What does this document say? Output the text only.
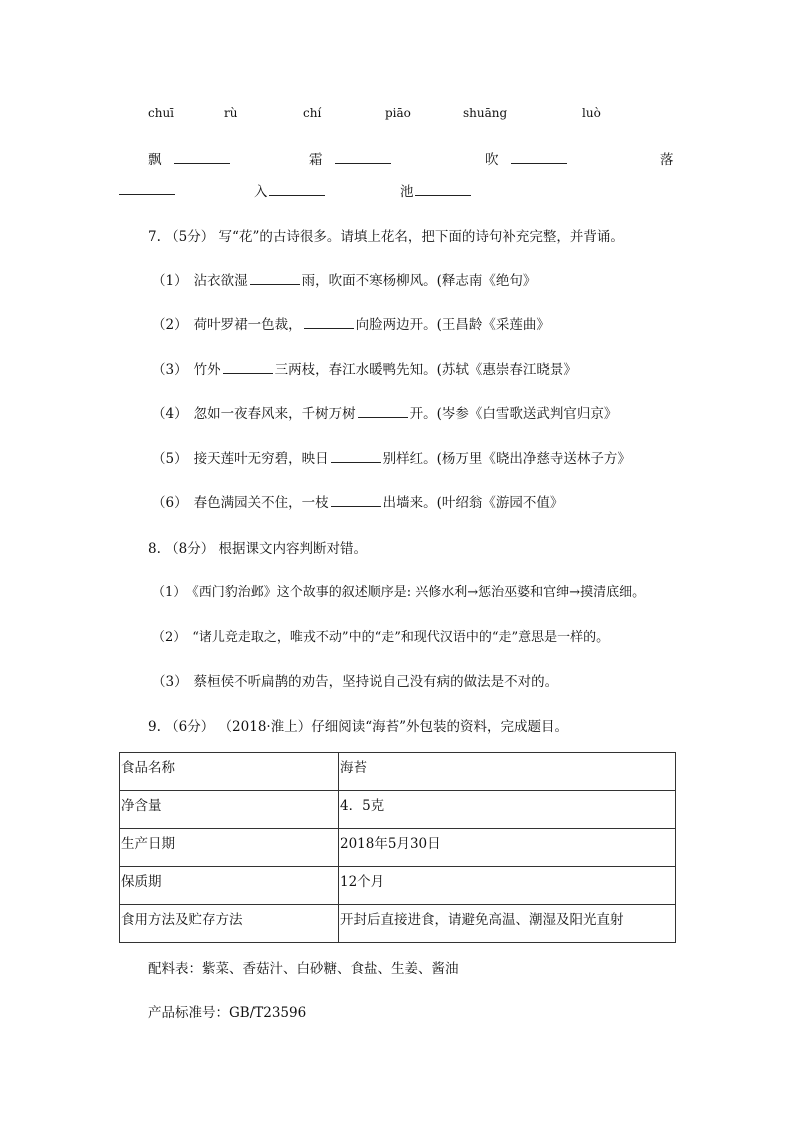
chuī	rù	chí	piāo	shuāng	luò
飘	霜	吹	落
入	池
7. （5分） 写“花”的古诗很多。请填上花名，把下面的诗句补充完整，并背诵。
（1） 沾衣欲湿	雨，吹面不寒杨柳风。(释志南《绝句》
（2） 荷叶罗裙一色裁，	向脸两边开。(王昌龄《采莲曲》
（3） 竹外	三两枝，春江水暖鸭先知。(苏轼《惠崇春江晓景》
（4） 忽如一夜春风来，千树万树	开。(岑参《白雪歌送武判官归京》
（5） 接天莲叶无穷碧，映日	别样红。(杨万里《晓出净慈寺送林子方》
（6） 春色满园关不住，一枝	出墙来。(叶绍翁《游园不值》
8. （8分） 根据课文内容判断对错。
（1） 《西门豹治邺》这个故事的叙述顺序是: 兴修水利→惩治巫婆和官绅→摸清底细。
（2） “诸儿竞走取之，唯戎不动”中的“走”和现代汉语中的“走”意思是一样的。
（3） 蔡桓侯不听扁鹊的劝告，坚持说自己没有病的做法是不对的。
9. （6分） （2018·淮上）仔细阅读“海苔”外包装的资料，完成题目。
食品名称	海苔
净含量	4．5克
生产日期	2018年5月30日
保质期	12个月
食用方法及贮存方法	开封后直接进食，请避免高温、潮湿及阳光直射
配料表：紫菜、香菇汁、白砂糖、食盐、生姜、酱油
产品标准号：GB/T23596
